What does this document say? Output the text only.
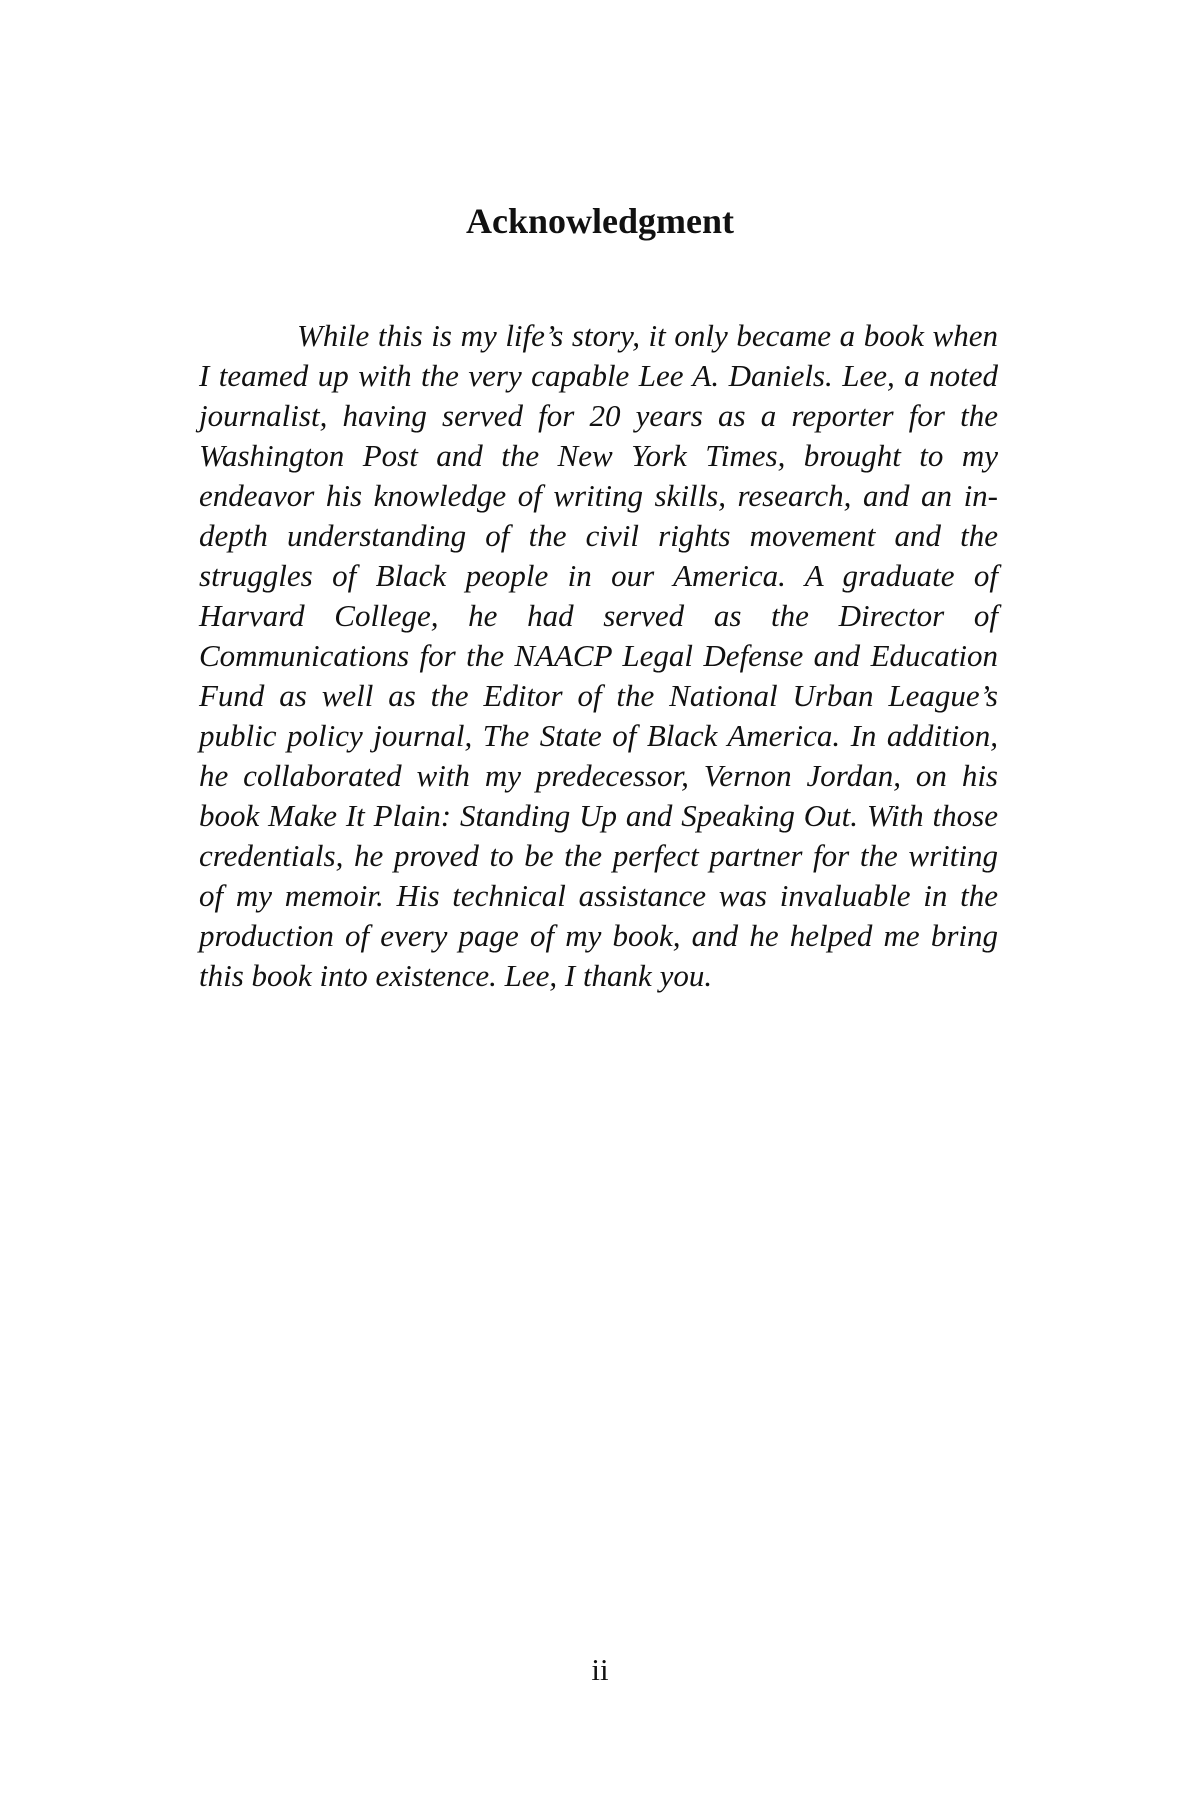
Acknowledgment

While this is my life’s story, it only became a book when I teamed up with the very capable Lee A. Daniels. Lee, a noted journalist, having served for 20 years as a reporter for the Washington Post and the New York Times, brought to my endeavor his knowledge of writing skills, research, and an in-depth understanding of the civil rights movement and the struggles of Black people in our America. A graduate of Harvard College, he had served as the Director of Communications for the NAACP Legal Defense and Education Fund as well as the Editor of the National Urban League’s public policy journal, The State of Black America. In addition, he collaborated with my predecessor, Vernon Jordan, on his book Make It Plain: Standing Up and Speaking Out. With those credentials, he proved to be the perfect partner for the writing of my memoir. His technical assistance was invaluable in the production of every page of my book, and he helped me bring this book into existence. Lee, I thank you.

ii
